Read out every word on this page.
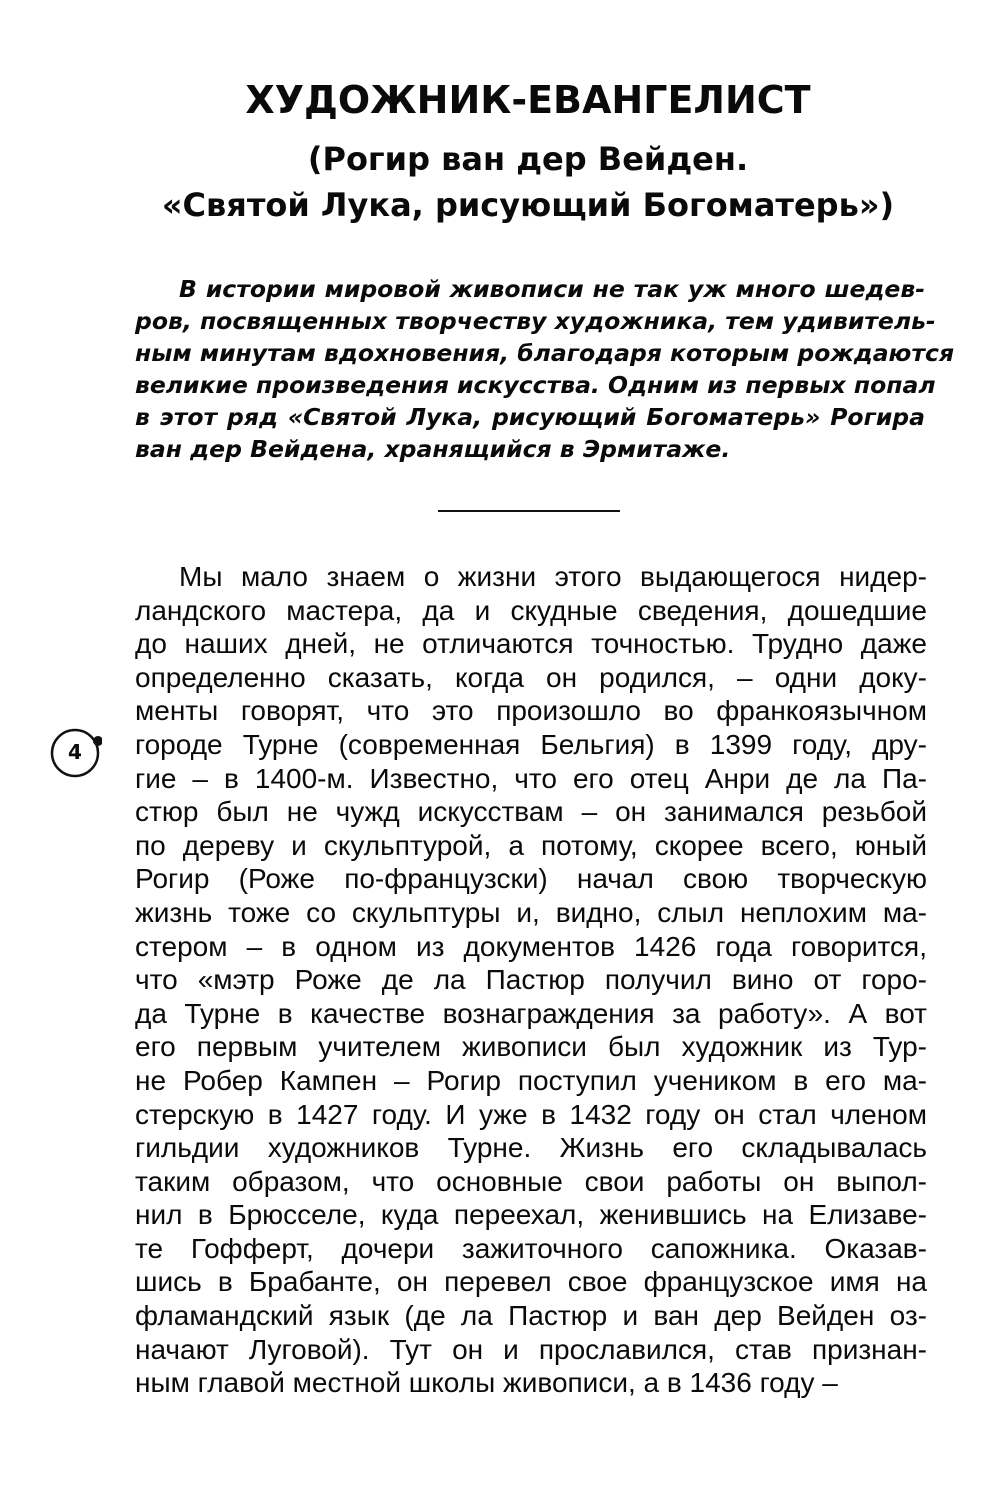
ХУДОЖНИК-ЕВАНГЕЛИСТ
(Рогир ван дер Вейден.
«Святой Лука, рисующий Богоматерь»)
В истории мировой живописи не так уж много шедев-
ров, посвященных творчеству художника, тем удивитель-
ным минутам вдохновения, благодаря которым рождаются
великие произведения искусства. Одним из первых попал
в этот ряд «Святой Лука, рисующий Богоматерь» Рогира
ван дер Вейдена, хранящийся в Эрмитаже.
Мы мало знаем о жизни этого выдающегося нидер-
ландского мастера, да и скудные сведения, дошедшие
до наших дней, не отличаются точностью. Трудно даже
определенно сказать, когда он родился, – одни доку-
менты говорят, что это произошло во франкоязычном
городе Турне (современная Бельгия) в 1399 году, дру-
гие – в 1400-м. Известно, что его отец Анри де ла Па-
стюр был не чужд искусствам – он занимался резьбой
по дереву и скульптурой, а потому, скорее всего, юный
Рогир (Роже по-французски) начал свою творческую
жизнь тоже со скульптуры и, видно, слыл неплохим ма-
стером – в одном из документов 1426 года говорится,
что «мэтр Роже де ла Пастюр получил вино от горо-
да Турне в качестве вознаграждения за работу». А вот
его первым учителем живописи был художник из Тур-
не Робер Кампен – Рогир поступил учеником в его ма-
стерскую в 1427 году. И уже в 1432 году он стал членом
гильдии художников Турне. Жизнь его складывалась
таким образом, что основные свои работы он выпол-
нил в Брюсселе, куда переехал, женившись на Елизаве-
те Гофферт, дочери зажиточного сапожника. Оказав-
шись в Брабанте, он перевел свое французское имя на
фламандский язык (де ла Пастюр и ван дер Вейден оз-
начают Луговой). Тут он и прославился, став признан-
ным главой местной школы живописи, а в 1436 году –
4
